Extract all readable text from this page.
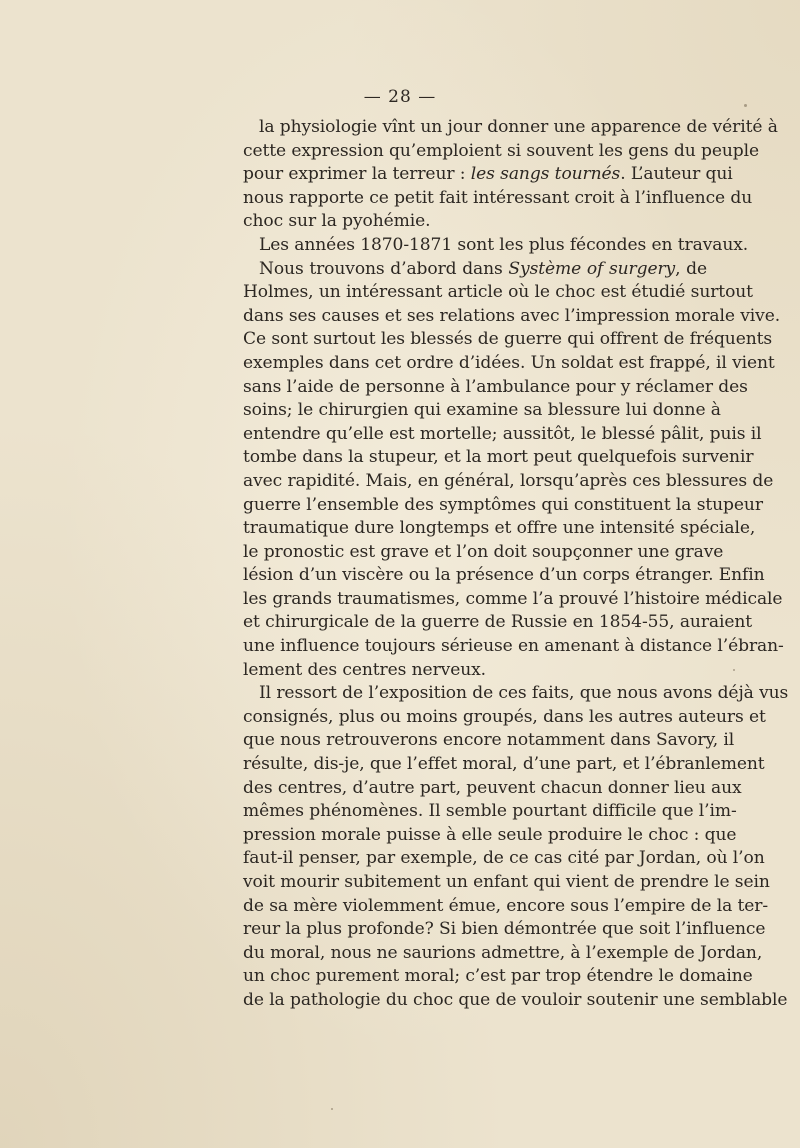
— 28 —
la physiologie vînt un jour donner une apparence de vérité à
cette expression qu’emploient si souvent les gens du peuple
pour exprimer la terreur : les sangs tournés. L’auteur qui
nous rapporte ce petit fait intéressant croit à l’influence du
choc sur la pyohémie.
Les années 1870-1871 sont les plus fécondes en travaux.
Nous trouvons d’abord dans Système of surgery, de
Holmes, un intéressant article où le choc est étudié surtout
dans ses causes et ses relations avec l’impression morale vive.
Ce sont surtout les blessés de guerre qui offrent de fréquents
exemples dans cet ordre d’idées. Un soldat est frappé, il vient
sans l’aide de personne à l’ambulance pour y réclamer des
soins; le chirurgien qui examine sa blessure lui donne à
entendre qu’elle est mortelle; aussitôt, le blessé pâlit, puis il
tombe dans la stupeur, et la mort peut quelquefois survenir
avec rapidité. Mais, en général, lorsqu’après ces blessures de
guerre l’ensemble des symptômes qui constituent la stupeur
traumatique dure longtemps et offre une intensité spéciale,
le pronostic est grave et l’on doit soupçonner une grave
lésion d’un viscère ou la présence d’un corps étranger. Enfin
les grands traumatismes, comme l’a prouvé l’histoire médicale
et chirurgicale de la guerre de Russie en 1854-55, auraient
une influence toujours sérieuse en amenant à distance l’ébran-
lement des centres nerveux.
Il ressort de l’exposition de ces faits, que nous avons déjà vus
consignés, plus ou moins groupés, dans les autres auteurs et
que nous retrouverons encore notamment dans Savory, il
résulte, dis-je, que l’effet moral, d’une part, et l’ébranlement
des centres, d’autre part, peuvent chacun donner lieu aux
mêmes phénomènes. Il semble pourtant difficile que l’im-
pression morale puisse à elle seule produire le choc : que
faut-il penser, par exemple, de ce cas cité par Jordan, où l’on
voit mourir subitement un enfant qui vient de prendre le sein
de sa mère violemment émue, encore sous l’empire de la ter-
reur la plus profonde? Si bien démontrée que soit l’influence
du moral, nous ne saurions admettre, à l’exemple de Jordan,
un choc purement moral; c’est par trop étendre le domaine
de la pathologie du choc que de vouloir soutenir une semblable
